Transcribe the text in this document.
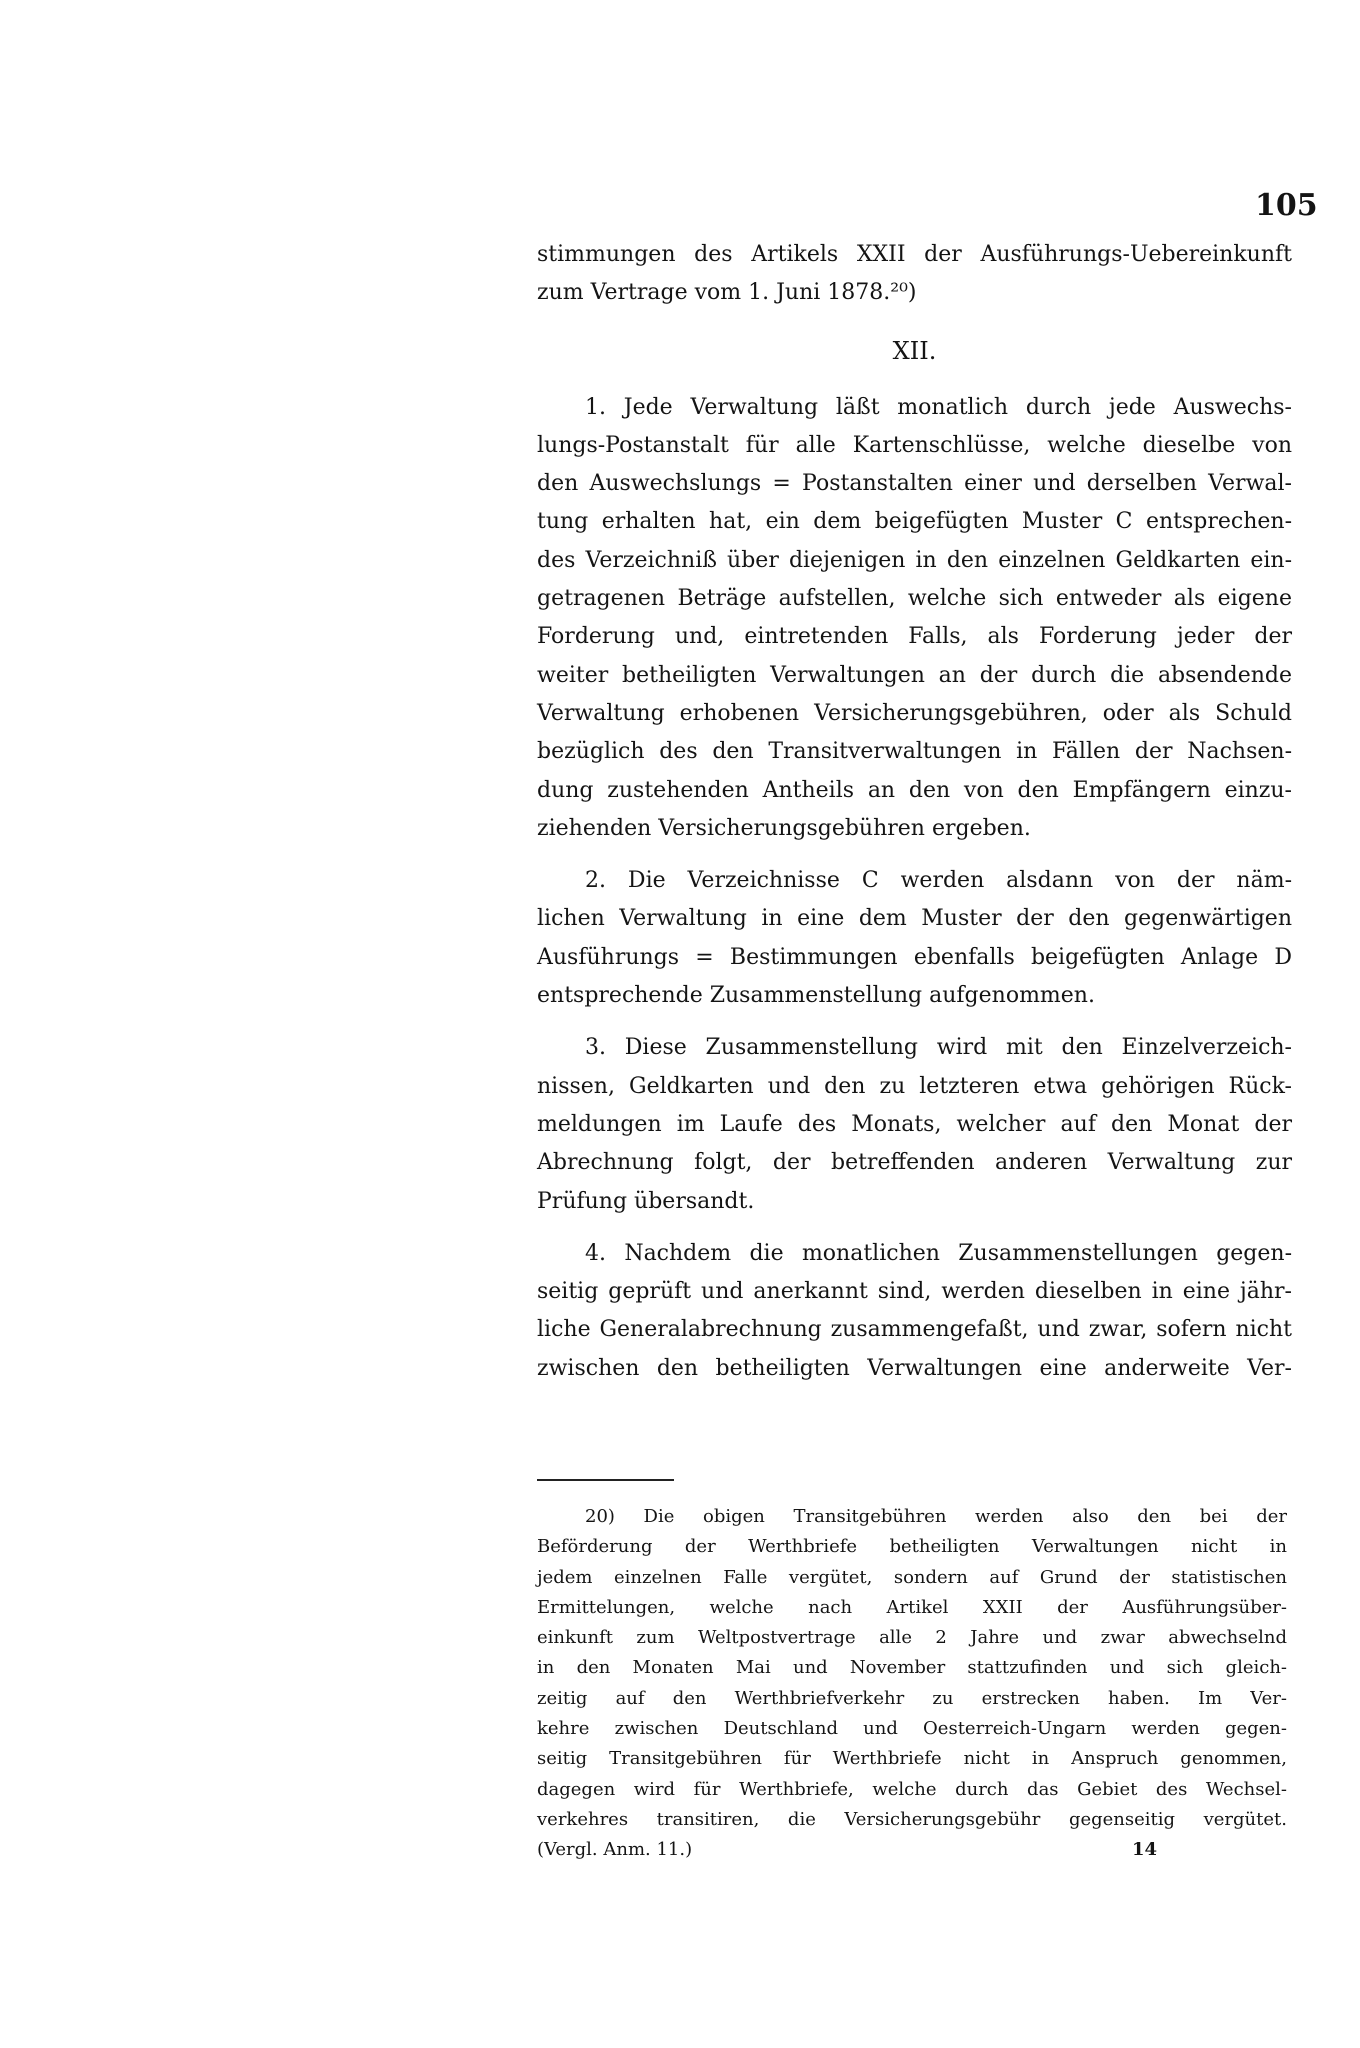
105
stimmungen des Artikels XXII der Ausführungs-Uebereinkunft
zum Vertrage vom 1. Juni 1878.²⁰)
XII.
1. Jede Verwaltung läßt monatlich durch jede Auswechs-
lungs-Postanstalt für alle Kartenschlüsse, welche dieselbe von
den Auswechslungs = Postanstalten einer und derselben Verwal-
tung erhalten hat, ein dem beigefügten Muster C entsprechen-
des Verzeichniß über diejenigen in den einzelnen Geldkarten ein-
getragenen Beträge aufstellen, welche sich entweder als eigene
Forderung und, eintretenden Falls, als Forderung jeder der
weiter betheiligten Verwaltungen an der durch die absendende
Verwaltung erhobenen Versicherungsgebühren, oder als Schuld
bezüglich des den Transitverwaltungen in Fällen der Nachsen-
dung zustehenden Antheils an den von den Empfängern einzu-
ziehenden Versicherungsgebühren ergeben.
2. Die Verzeichnisse C werden alsdann von der näm-
lichen Verwaltung in eine dem Muster der den gegenwärtigen
Ausführungs = Bestimmungen ebenfalls beigefügten Anlage D
entsprechende Zusammenstellung aufgenommen.
3. Diese Zusammenstellung wird mit den Einzelverzeich-
nissen, Geldkarten und den zu letzteren etwa gehörigen Rück-
meldungen im Laufe des Monats, welcher auf den Monat der
Abrechnung folgt, der betreffenden anderen Verwaltung zur
Prüfung übersandt.
4. Nachdem die monatlichen Zusammenstellungen gegen-
seitig geprüft und anerkannt sind, werden dieselben in eine jähr-
liche Generalabrechnung zusammengefaßt, und zwar, sofern nicht
zwischen den betheiligten Verwaltungen eine anderweite Ver-
20) Die obigen Transitgebühren werden also den bei der
Beförderung der Werthbriefe betheiligten Verwaltungen nicht in
jedem einzelnen Falle vergütet, sondern auf Grund der statistischen
Ermittelungen, welche nach Artikel XXII der Ausführungsüber-
einkunft zum Weltpostvertrage alle 2 Jahre und zwar abwechselnd
in den Monaten Mai und November stattzufinden und sich gleich-
zeitig auf den Werthbriefverkehr zu erstrecken haben. Im Ver-
kehre zwischen Deutschland und Oesterreich-Ungarn werden gegen-
seitig Transitgebühren für Werthbriefe nicht in Anspruch genommen,
dagegen wird für Werthbriefe, welche durch das Gebiet des Wechsel-
verkehres transitiren, die Versicherungsgebühr gegenseitig vergütet.
(Vergl. Anm. 11.)	14
